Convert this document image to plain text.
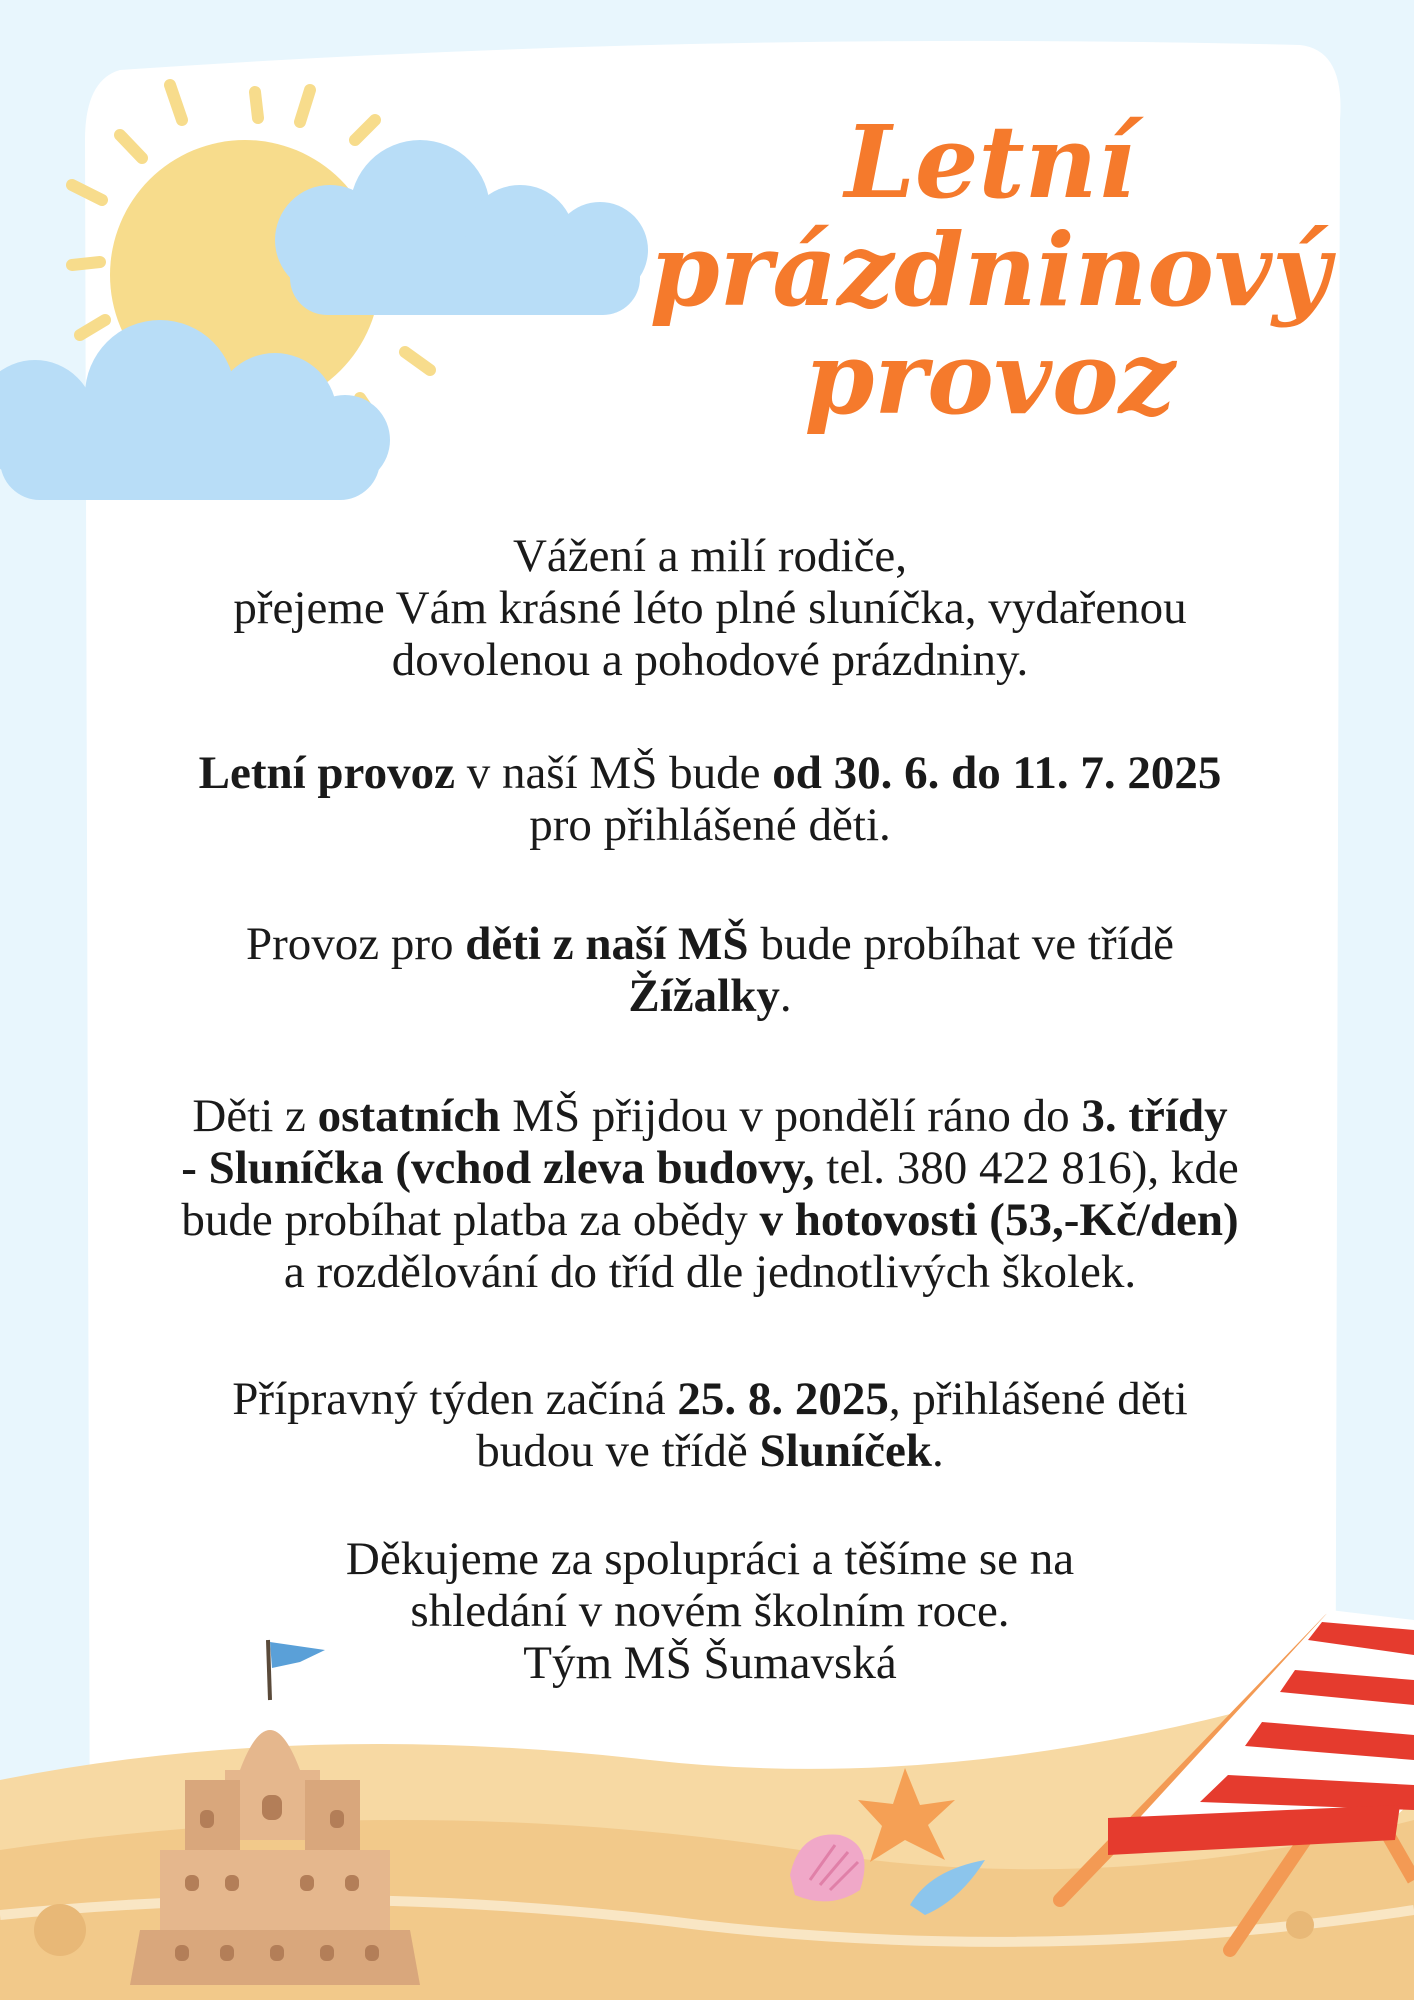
Letní
prázdninový
provoz

Vážení a milí rodiče,
přejeme Vám krásné léto plné sluníčka, vydařenou
dovolenou a pohodové prázdniny.

Letní provoz v naší MŠ bude od 30. 6. do 11. 7. 2025
pro přihlášené děti.

Provoz pro děti z naší MŠ bude probíhat ve třídě
Žížalky.

Děti z ostatních MŠ přijdou v pondělí ráno do 3. třídy
- Sluníčka (vchod zleva budovy, tel. 380 422 816), kde
bude probíhat platba za obědy v hotovosti (53,-Kč/den)
a rozdělování do tříd dle jednotlivých školek.

Přípravný týden začíná 25. 8. 2025, přihlášené děti
budou ve třídě Sluníček.

Děkujeme za spolupráci a těšíme se na
shledání v novém školním roce.
Tým MŠ Šumavská
